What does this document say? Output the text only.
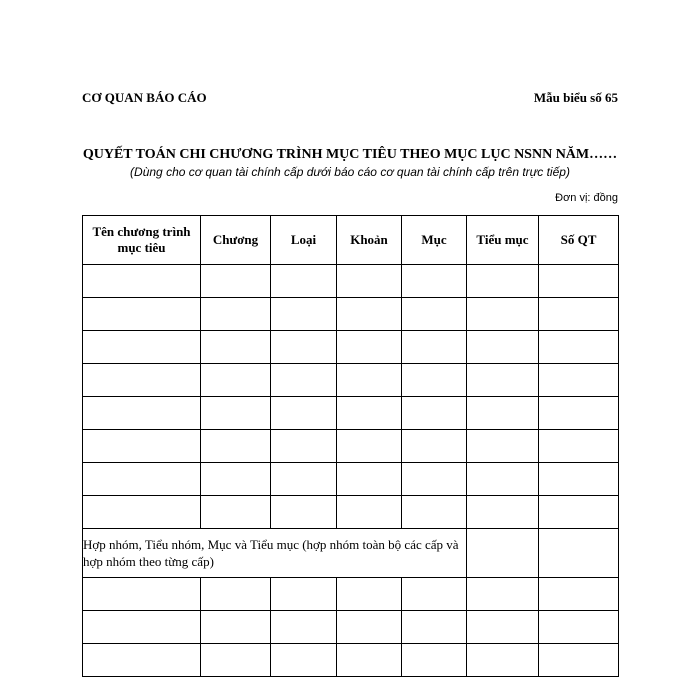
CƠ QUAN BÁO CÁO	Mẫu biểu số 65
QUYẾT TOÁN CHI CHƯƠNG TRÌNH MỤC TIÊU THEO MỤC LỤC NSNN NĂM……
(Dùng cho cơ quan tài chính cấp dưới báo cáo cơ quan tài chính cấp trên trực tiếp)
Đơn vị: đồng
Tên chương trình mục tiêu	Chương	Loại	Khoản	Mục	Tiểu mục	Số QT

Hợp nhóm, Tiểu nhóm, Mục và Tiểu mục (hợp nhóm toàn bộ các cấp và hợp nhóm theo từng cấp)						
